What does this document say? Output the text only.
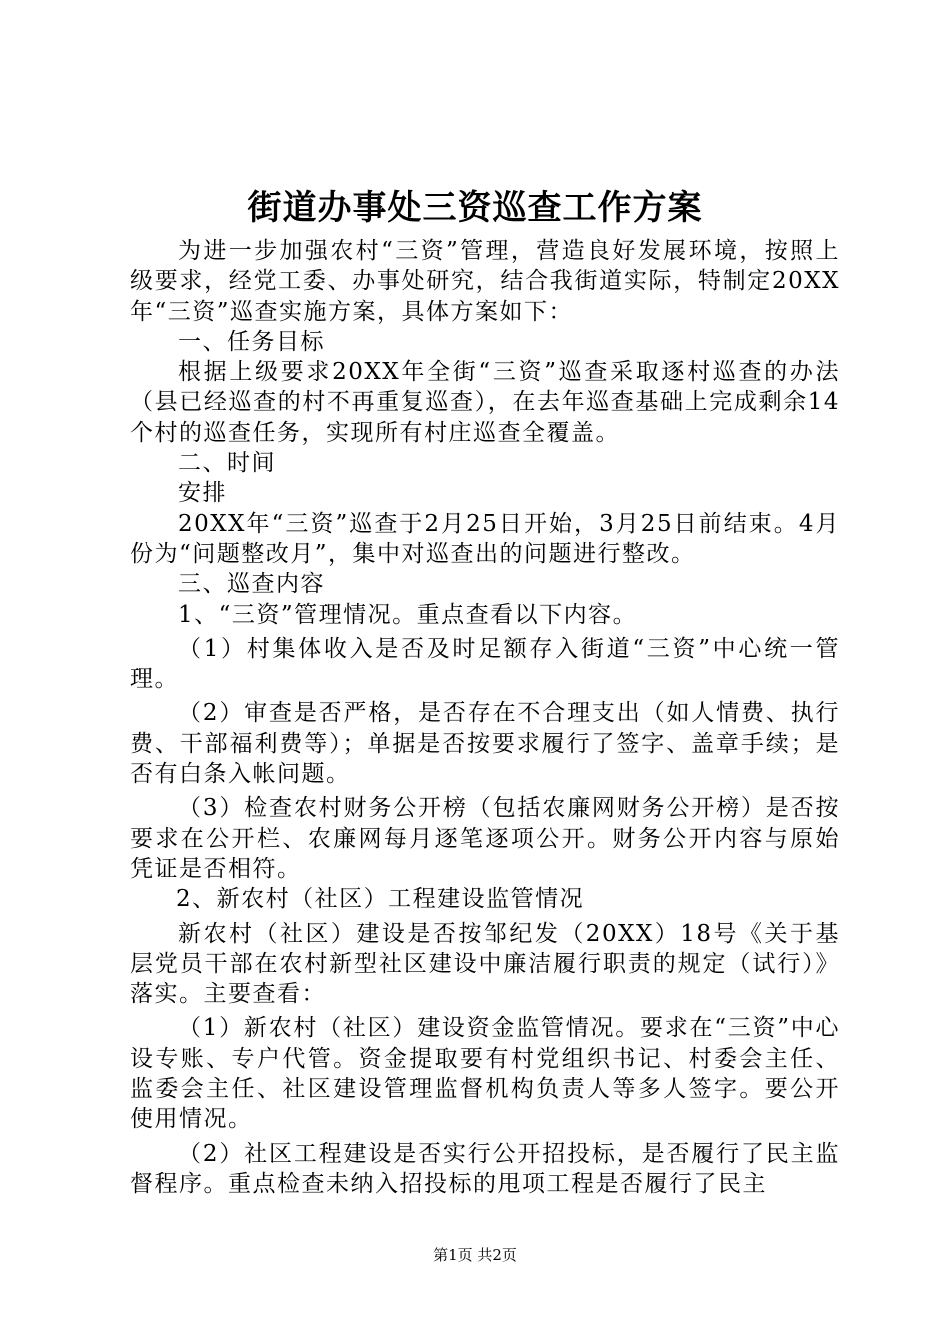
街道办事处三资巡查工作方案

为进一步加强农村“三资”管理，营造良好发展环境，按照上级要求，经党工委、办事处研究，结合我街道实际，特制定20XX年“三资”巡查实施方案，具体方案如下：

一、任务目标

根据上级要求20XX年全街“三资”巡查采取逐村巡查的办法（县已经巡查的村不再重复巡查），在去年巡查基础上完成剩余14个村的巡查任务，实现所有村庄巡查全覆盖。

二、时间

安排

20XX年“三资”巡查于2月25日开始，3月25日前结束。4月份为“问题整改月”，集中对巡查出的问题进行整改。

三、巡查内容

1、“三资”管理情况。重点查看以下内容。

（1）村集体收入是否及时足额存入街道“三资”中心统一管理。

（2）审查是否严格，是否存在不合理支出（如人情费、执行费、干部福利费等）；单据是否按要求履行了签字、盖章手续；是否有白条入帐问题。

（3）检查农村财务公开榜（包括农廉网财务公开榜）是否按要求在公开栏、农廉网每月逐笔逐项公开。财务公开内容与原始凭证是否相符。

2、新农村（社区）工程建设监管情况

新农村（社区）建设是否按邹纪发（20XX）18号《关于基层党员干部在农村新型社区建设中廉洁履行职责的规定（试行）》落实。主要查看：

（1）新农村（社区）建设资金监管情况。要求在“三资”中心设专账、专户代管。资金提取要有村党组织书记、村委会主任、监委会主任、社区建设管理监督机构负责人等多人签字。要公开使用情况。

（2）社区工程建设是否实行公开招投标，是否履行了民主监督程序。重点检查未纳入招投标的甩项工程是否履行了民主

第1页 共2页
